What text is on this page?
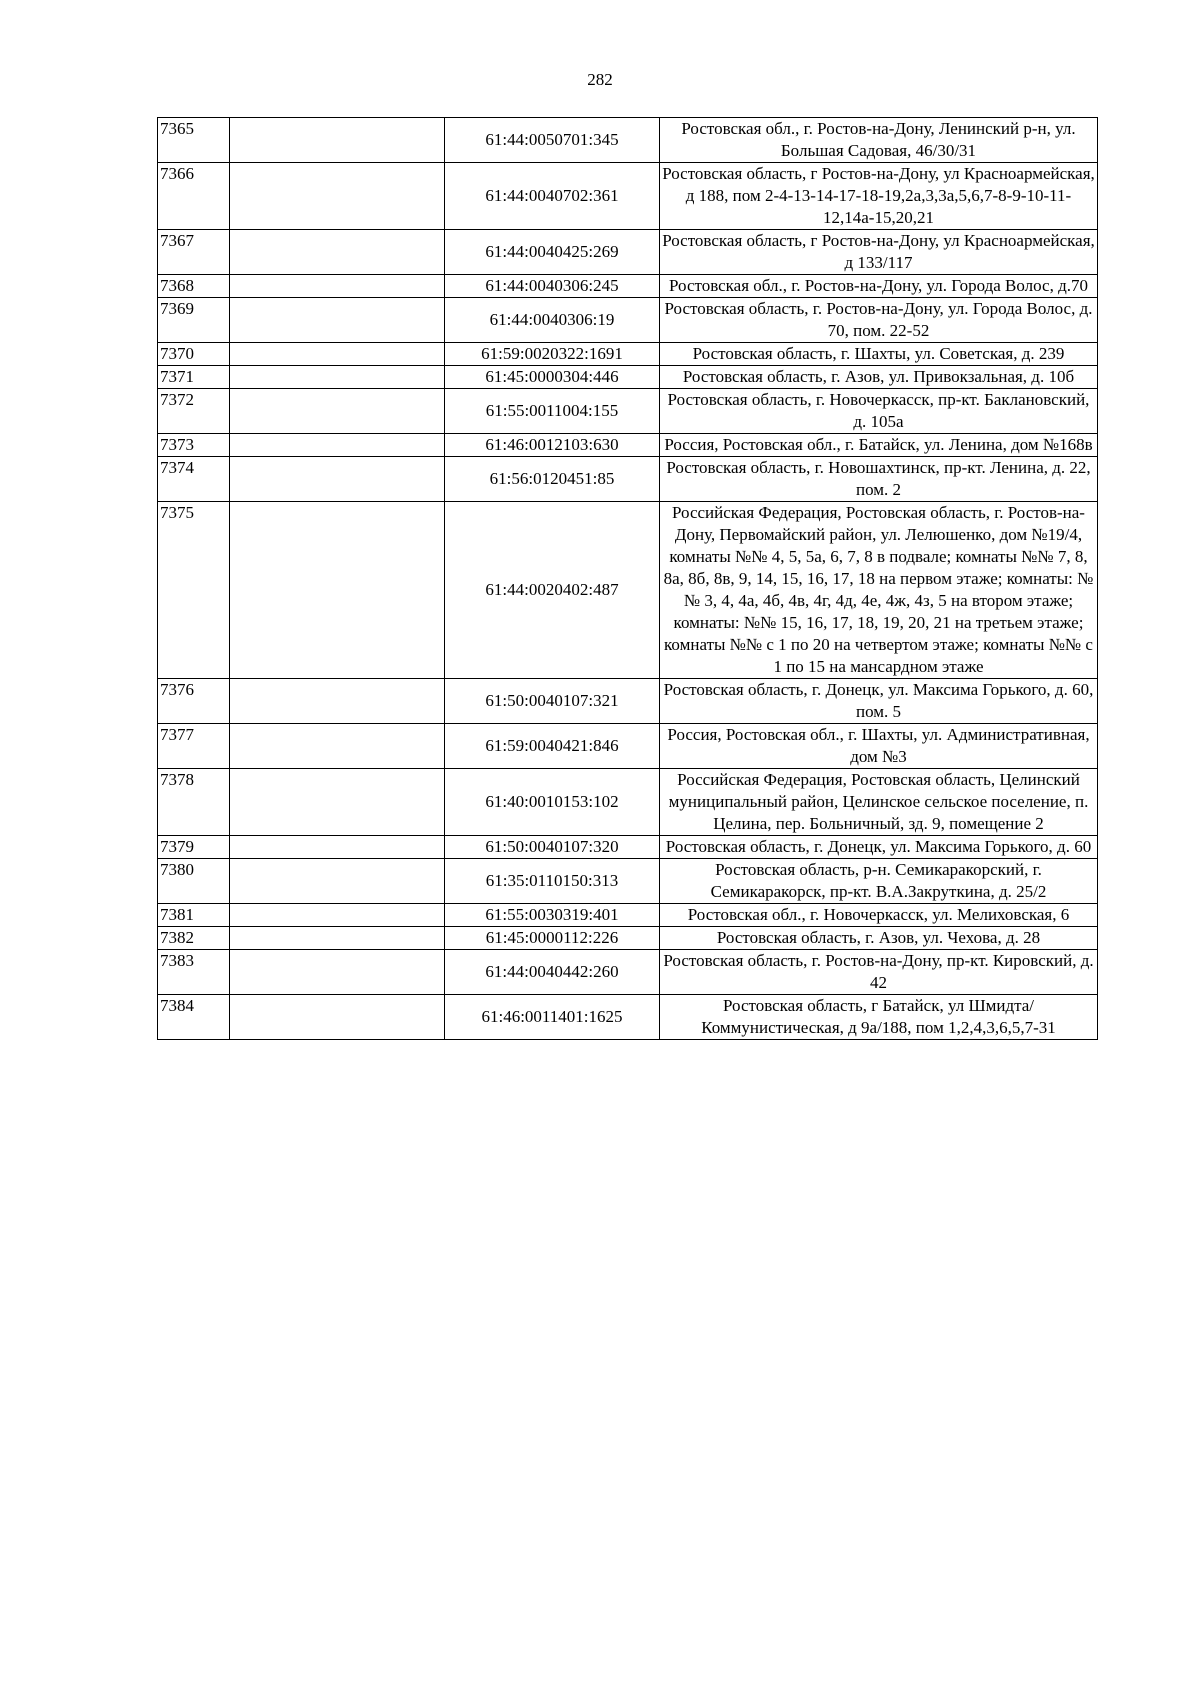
282
7365		61:44:0050701:345	Ростовская обл., г. Ростов-на-Дону, Ленинский р-н, ул. Большая Садовая, 46/30/31
7366		61:44:0040702:361	Ростовская область, г Ростов-на-Дону, ул Красноармейская, д 188, пом 2-4-13-14-17-18-19,2а,3,3а,5,6,7-8-9-10-11-12,14а-15,20,21
7367		61:44:0040425:269	Ростовская область, г Ростов-на-Дону, ул Красноармейская, д 133/117
7368		61:44:0040306:245	Ростовская обл., г. Ростов-на-Дону, ул. Города Волос, д.70
7369		61:44:0040306:19	Ростовская область, г. Ростов-на-Дону, ул. Города Волос, д. 70, пом. 22-52
7370		61:59:0020322:1691	Ростовская область, г. Шахты, ул. Советская, д. 239
7371		61:45:0000304:446	Ростовская область, г. Азов, ул. Привокзальная, д. 10б
7372		61:55:0011004:155	Ростовская область, г. Новочеркасск, пр-кт. Баклановский, д. 105а
7373		61:46:0012103:630	Россия, Ростовская обл., г. Батайск, ул. Ленина, дом №168в
7374		61:56:0120451:85	Ростовская область, г. Новошахтинск, пр-кт. Ленина, д. 22, пом. 2
7375		61:44:0020402:487	Российская Федерация, Ростовская область, г. Ростов-на-Дону, Первомайский район, ул. Лелюшенко, дом №19/4, комнаты №№ 4, 5, 5а, 6, 7, 8 в подвале; комнаты №№ 7, 8, 8а, 8б, 8в, 9, 14, 15, 16, 17, 18 на первом этаже; комнаты: №№ 3, 4, 4а, 4б, 4в, 4г, 4д, 4е, 4ж, 4з, 5 на втором этаже; комнаты: №№ 15, 16, 17, 18, 19, 20, 21 на третьем этаже; комнаты №№ с 1 по 20 на четвертом этаже; комнаты №№ с 1 по 15 на мансардном этаже
7376		61:50:0040107:321	Ростовская область, г. Донецк, ул. Максима Горького, д. 60, пом. 5
7377		61:59:0040421:846	Россия, Ростовская обл., г. Шахты, ул. Административная, дом №3
7378		61:40:0010153:102	Российская Федерация, Ростовская область, Целинский муниципальный район, Целинское сельское поселение, п. Целина, пер. Больничный, зд. 9, помещение 2
7379		61:50:0040107:320	Ростовская область, г. Донецк, ул. Максима Горького, д. 60
7380		61:35:0110150:313	Ростовская область, р-н. Семикаракорский, г. Семикаракорск, пр-кт. В.А.Закруткина, д. 25/2
7381		61:55:0030319:401	Ростовская обл., г. Новочеркасск, ул. Мелиховская, 6
7382		61:45:0000112:226	Ростовская область, г. Азов, ул. Чехова, д. 28
7383		61:44:0040442:260	Ростовская область, г. Ростов-на-Дону, пр-кт. Кировский, д. 42
7384		61:46:0011401:1625	Ростовская область, г Батайск, ул Шмидта/Коммунистическая, д 9а/188, пом 1,2,4,3,6,5,7-31
